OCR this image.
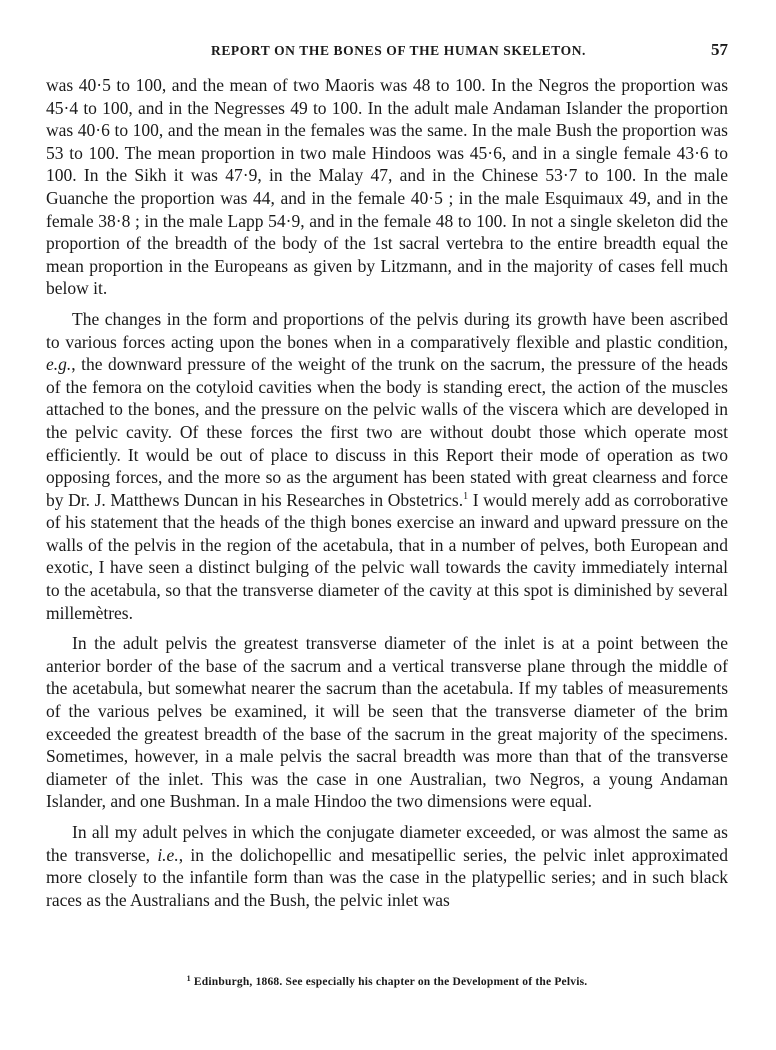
REPORT ON THE BONES OF THE HUMAN SKELETON.	57

was 40·5 to 100, and the mean of two Maoris was 48 to 100. In the Negros the proportion was 45·4 to 100, and in the Negresses 49 to 100. In the adult male Andaman Islander the proportion was 40·6 to 100, and the mean in the females was the same. In the male Bush the proportion was 53 to 100. The mean proportion in two male Hindoos was 45·6, and in a single female 43·6 to 100. In the Sikh it was 47·9, in the Malay 47, and in the Chinese 53·7 to 100. In the male Guanche the proportion was 44, and in the female 40·5 ; in the male Esquimaux 49, and in the female 38·8 ; in the male Lapp 54·9, and in the female 48 to 100. In not a single skeleton did the proportion of the breadth of the body of the 1st sacral vertebra to the entire breadth equal the mean proportion in the Europeans as given by Litzmann, and in the majority of cases fell much below it.

The changes in the form and proportions of the pelvis during its growth have been ascribed to various forces acting upon the bones when in a comparatively flexible and plastic condition, e.g., the downward pressure of the weight of the trunk on the sacrum, the pressure of the heads of the femora on the cotyloid cavities when the body is standing erect, the action of the muscles attached to the bones, and the pressure on the pelvic walls of the viscera which are developed in the pelvic cavity. Of these forces the first two are without doubt those which operate most efficiently. It would be out of place to discuss in this Report their mode of operation as two opposing forces, and the more so as the argument has been stated with great clearness and force by Dr. J. Matthews Duncan in his Researches in Obstetrics.$^1$ I would merely add as corroborative of his statement that the heads of the thigh bones exercise an inward and upward pressure on the walls of the pelvis in the region of the acetabula, that in a number of pelves, both European and exotic, I have seen a distinct bulging of the pelvic wall towards the cavity immediately internal to the acetabula, so that the transverse diameter of the cavity at this spot is diminished by several millemètres.

In the adult pelvis the greatest transverse diameter of the inlet is at a point between the anterior border of the base of the sacrum and a vertical transverse plane through the middle of the acetabula, but somewhat nearer the sacrum than the acetabula. If my tables of measurements of the various pelves be examined, it will be seen that the transverse diameter of the brim exceeded the greatest breadth of the base of the sacrum in the great majority of the specimens. Sometimes, however, in a male pelvis the sacral breadth was more than that of the transverse diameter of the inlet. This was the case in one Australian, two Negros, a young Andaman Islander, and one Bushman. In a male Hindoo the two dimensions were equal.

In all my adult pelves in which the conjugate diameter exceeded, or was almost the same as the transverse, i.e., in the dolichopellic and mesatipellic series, the pelvic inlet approximated more closely to the infantile form than was the case in the platypellic series; and in such black races as the Australians and the Bush, the pelvic inlet was

$^1$ Edinburgh, 1868. See especially his chapter on the Development of the Pelvis.
